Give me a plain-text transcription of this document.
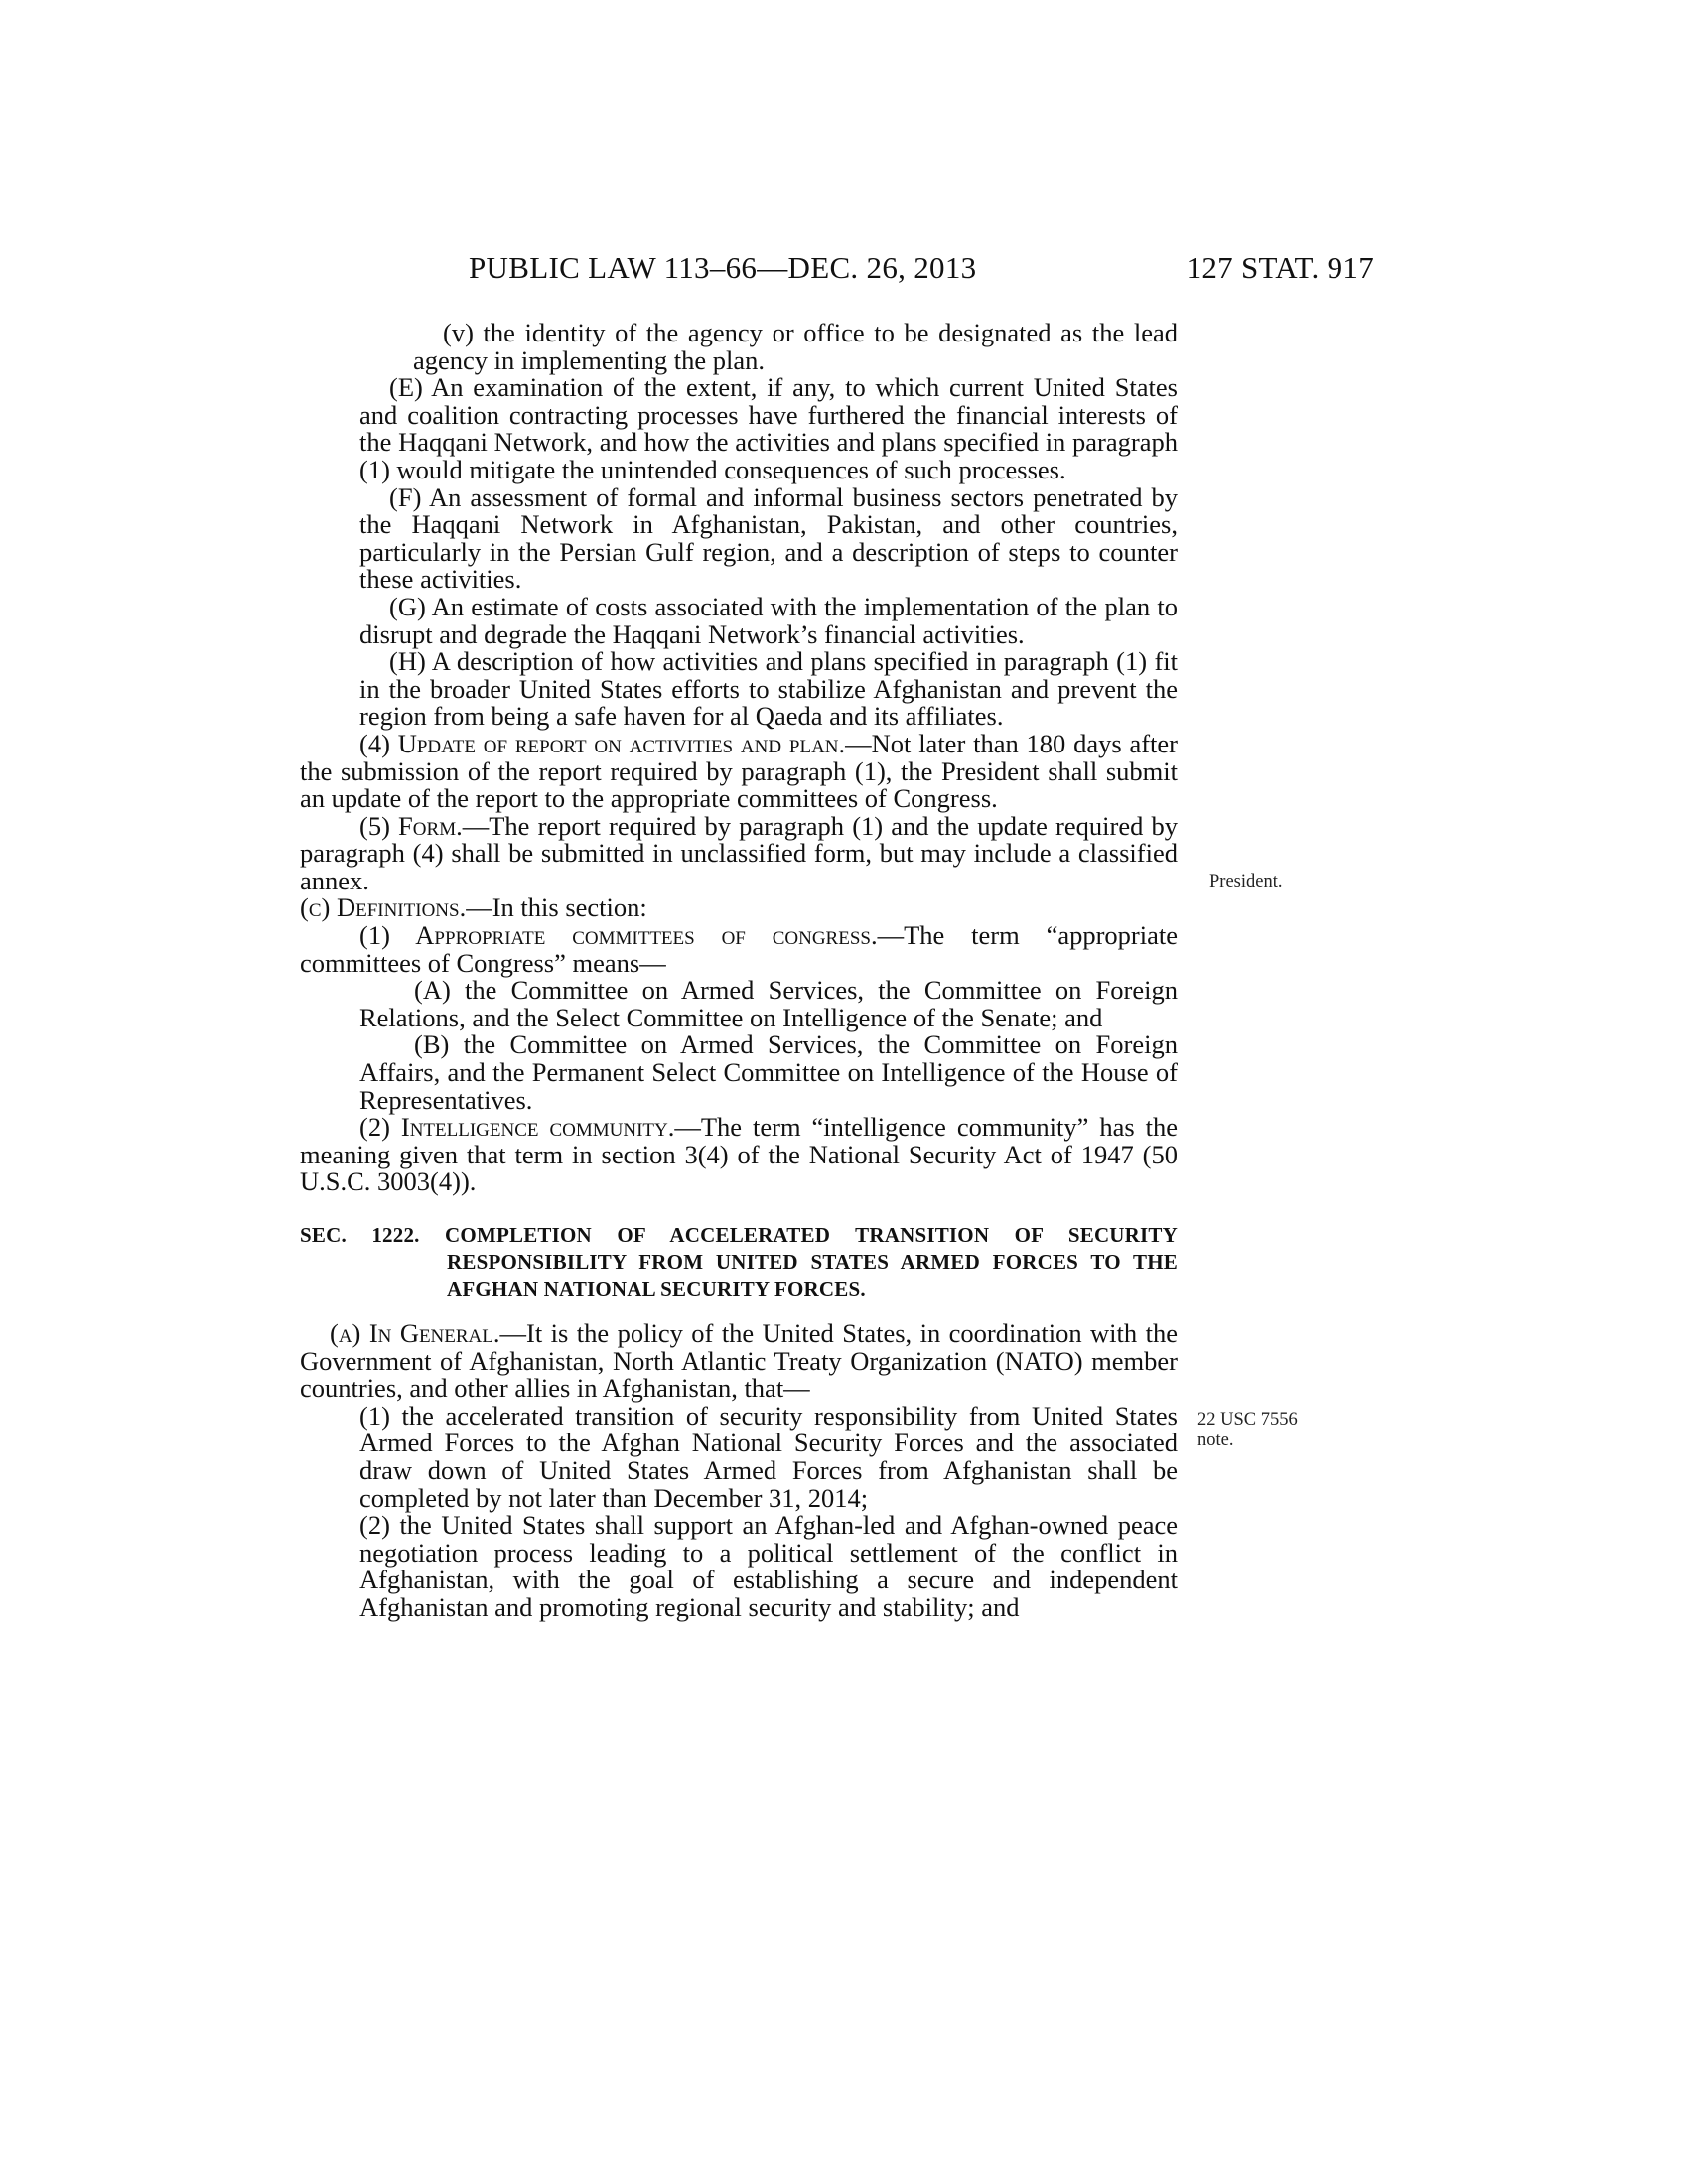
PUBLIC LAW 113–66—DEC. 26, 2013	127 STAT. 917

(v) the identity of the agency or office to be designated as the lead agency in implementing the plan.

(E) An examination of the extent, if any, to which current United States and coalition contracting processes have furthered the financial interests of the Haqqani Network, and how the activities and plans specified in paragraph (1) would mitigate the unintended consequences of such processes.

(F) An assessment of formal and informal business sectors penetrated by the Haqqani Network in Afghanistan, Pakistan, and other countries, particularly in the Persian Gulf region, and a description of steps to counter these activities.

(G) An estimate of costs associated with the implementation of the plan to disrupt and degrade the Haqqani Network’s financial activities.

(H) A description of how activities and plans specified in paragraph (1) fit in the broader United States efforts to stabilize Afghanistan and prevent the region from being a safe haven for al Qaeda and its affiliates.

(4) Update of report on activities and plan.—Not later than 180 days after the submission of the report required by paragraph (1), the President shall submit an update of the report to the appropriate committees of Congress.

(5) Form.—The report required by paragraph (1) and the update required by paragraph (4) shall be submitted in unclassified form, but may include a classified annex.

(c) Definitions.—In this section:

(1) Appropriate committees of congress.—The term “appropriate committees of Congress” means—

(A) the Committee on Armed Services, the Committee on Foreign Relations, and the Select Committee on Intelligence of the Senate; and

(B) the Committee on Armed Services, the Committee on Foreign Affairs, and the Permanent Select Committee on Intelligence of the House of Representatives.

(2) Intelligence community.—The term “intelligence community” has the meaning given that term in section 3(4) of the National Security Act of 1947 (50 U.S.C. 3003(4)).

SEC. 1222. COMPLETION OF ACCELERATED TRANSITION OF SECURITY RESPONSIBILITY FROM UNITED STATES ARMED FORCES TO THE AFGHAN NATIONAL SECURITY FORCES.

(a) In General.—It is the policy of the United States, in coordination with the Government of Afghanistan, North Atlantic Treaty Organization (NATO) member countries, and other allies in Afghanistan, that—

(1) the accelerated transition of security responsibility from United States Armed Forces to the Afghan National Security Forces and the associated draw down of United States Armed Forces from Afghanistan shall be completed by not later than December 31, 2014;

(2) the United States shall support an Afghan-led and Afghan-owned peace negotiation process leading to a political settlement of the conflict in Afghanistan, with the goal of establishing a secure and independent Afghanistan and promoting regional security and stability; and

President.
22 USC 7556
note.
